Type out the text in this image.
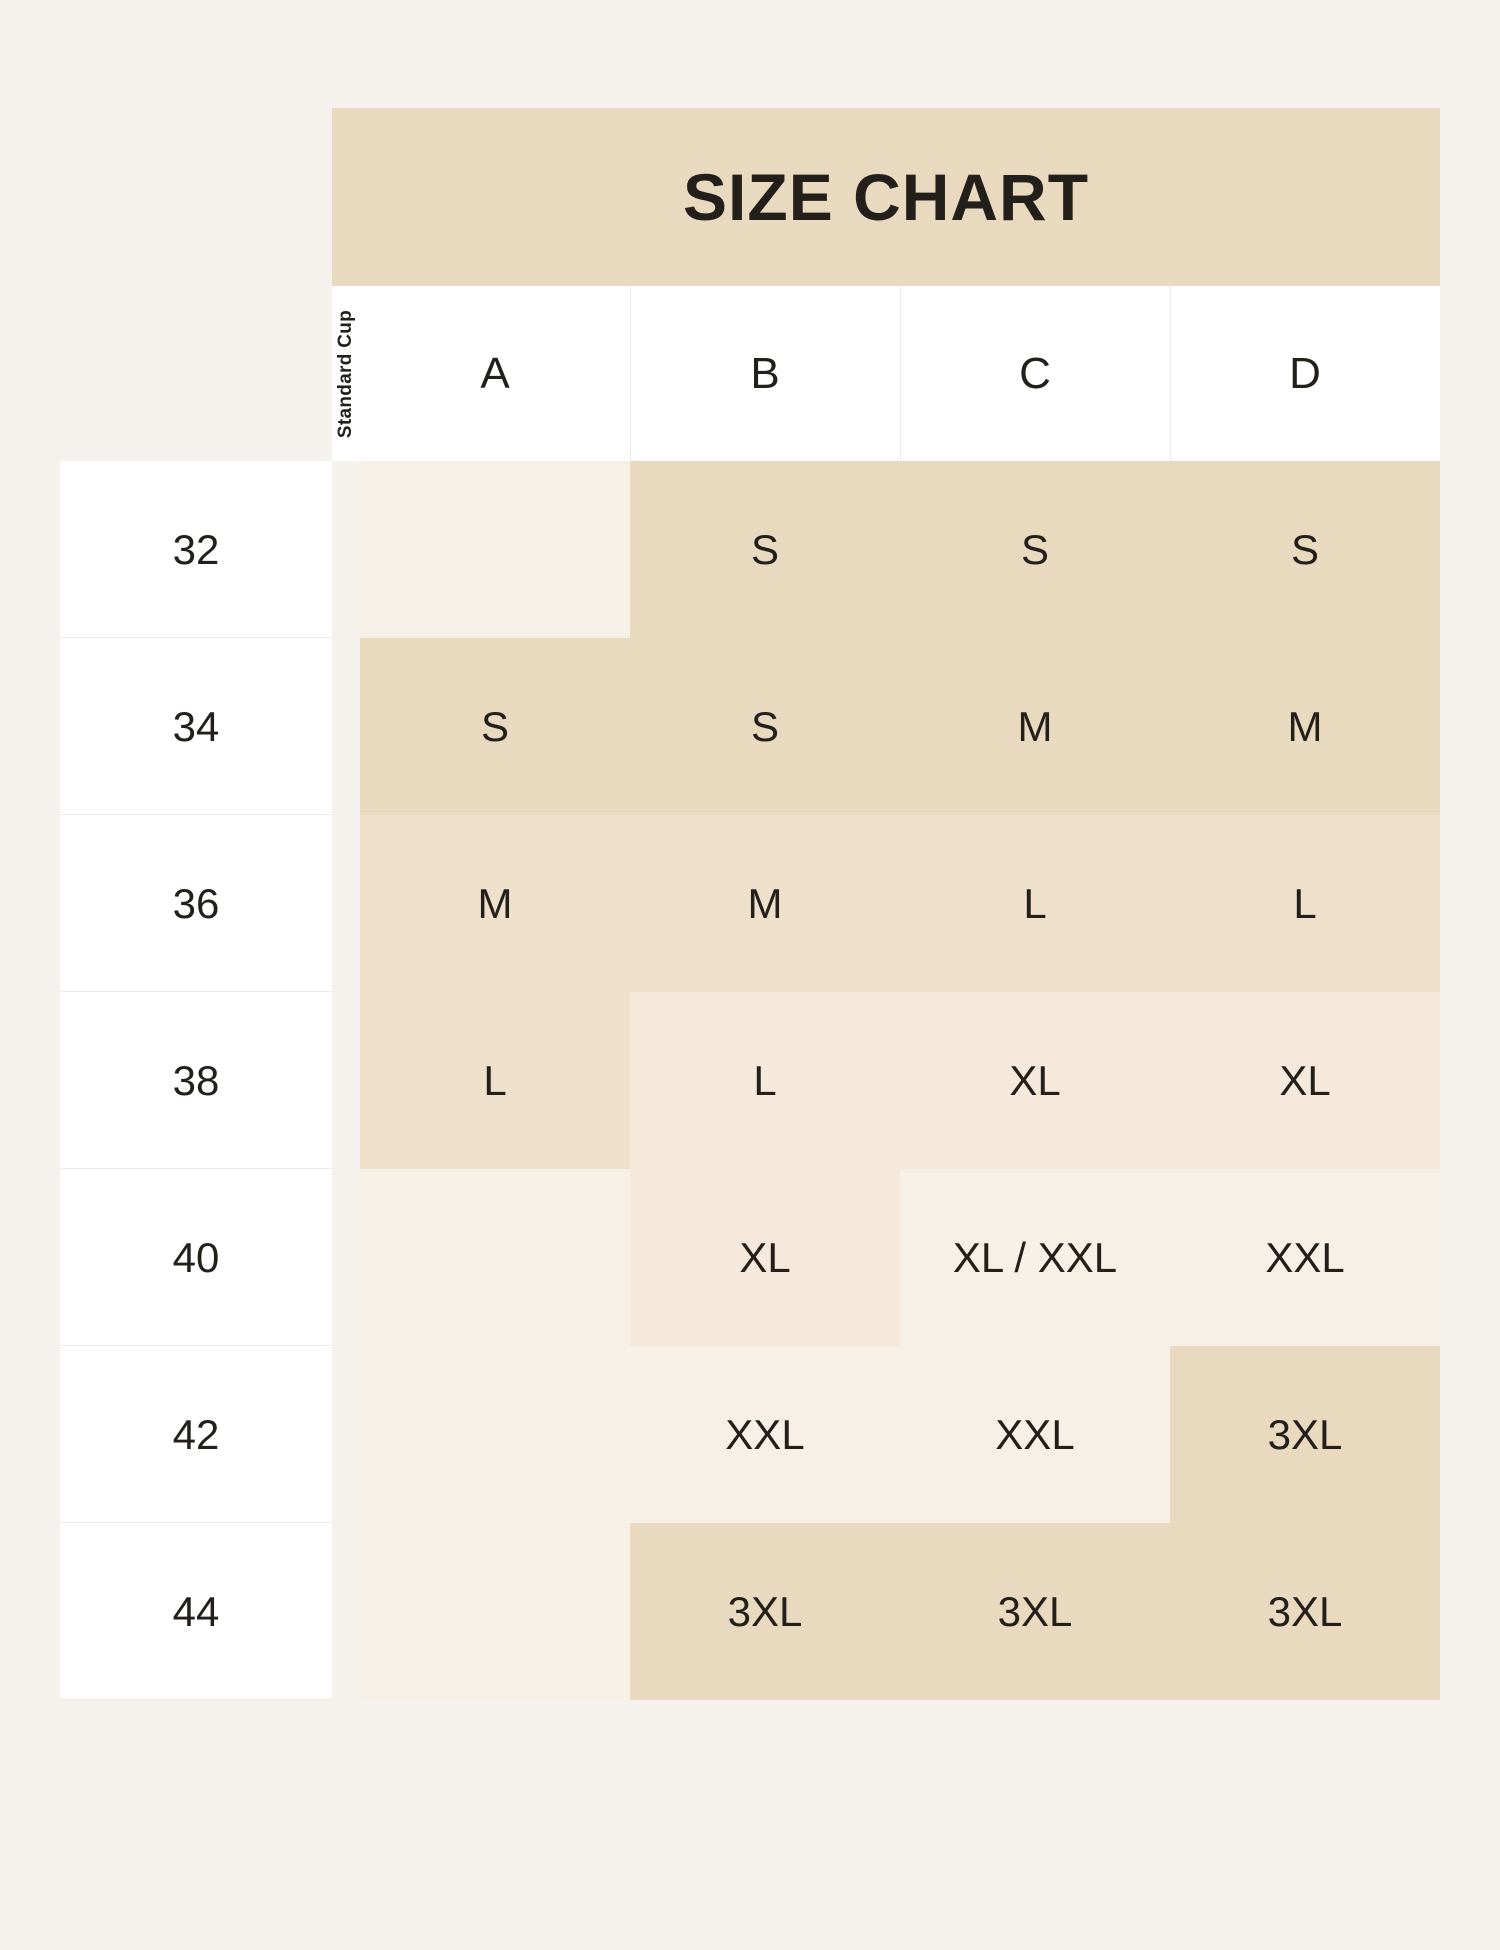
	SIZE CHART				

	Standard Cup	A	B	C	D
32			S	S	S
34		S	S	M	M
36		M	M	L	L
38		L	L	XL	XL
40			XL	XL / XXL	XXL
42			XXL	XXL	3XL
44			3XL	3XL	3XL
